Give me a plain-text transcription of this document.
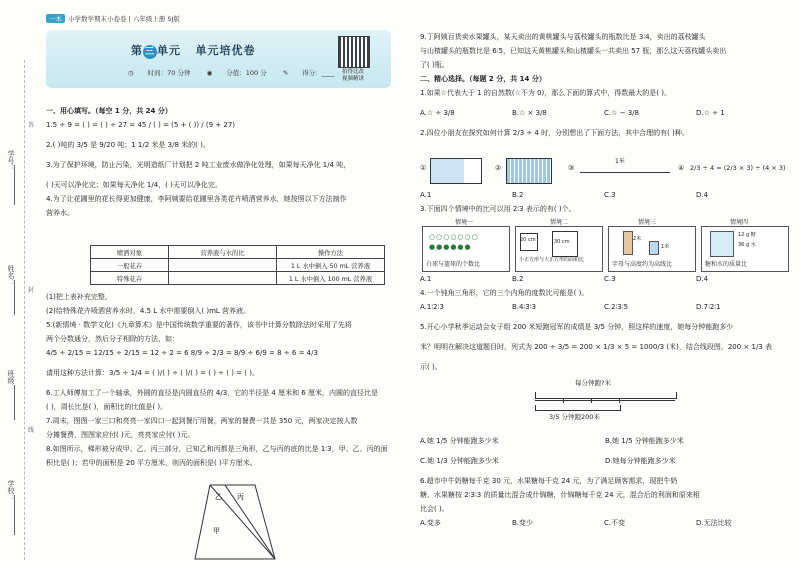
学号：
姓名：
班级：
学校：
答
封
线
一本 小学数学期末小卷卷 | 六年级上册 SJ版
第 三 单元 单元培优卷
◷ 时间：70 分钟 ◉ 分值：100 分 ✎ 得分：____	拍得比改
视频精讲

一、用心填写。（每空 1 分，共 24 分）

1.5 ÷ 9 = ( ) = ( ) ÷ 27 = 45 / ( ) = (5 + ( )) / (9 + 27)

2.( )吨的 3/5 是 9/20 吨；1 1/2 米是 3/8 米的( )。

3.为了保护环境，防止污染，光明造纸厂计划把 2 吨工业废水做净化处理，如果每天净化 1/4 吨，

( )天可以净化完；如果每天净化 1/4，( )天可以净化完。

4.为了让花圃里的花长得更加健康，李阿姨要给花圃里各类花卉喷洒营养水，她按照以下方法制作

营养水。

喷洒对象	营养液与水的比	操作方法
一般花卉		1 L 水中倒入 50 mL 营养液
特殊花卉		1 L 水中倒入 100 mL 营养液

(1)把上表补充完整。

(2)给特殊花卉喷洒营养水时，4.5 L 水中需要倒入( )mL 营养液。

5.(新情境 · 数学文化)《九章算术》是中国传统数学重要的著作，该书中计算分数除法时采用了先将

两个分数通分，然后分子相除的方法，如：

4/5 ÷ 2/15 = 12/15 ÷ 2/15 = 12 ÷ 2 = 6 8/9 ÷ 2/3 = 8/9 ÷ 6/9 = 8 ÷ 6 = 4/3

请用这种方法计算：3/5 ÷ 1/4 = ( )/( ) ÷ ( )/( ) = ( ) ÷ ( ) = ( )。

6.工人师傅加工了一个轴承，外圆的直径是内圆直径的 4/3，它的半径是 4 厘米和 6 厘米，内圆的直径比是

( )，周长比是( )，面积比的比值是( )。

7.周末，图图一家三口和亮亮一家四口一起到餐厅用餐，两家的餐费一共是 350 元，两家决定按人数

分摊餐费，图图家应付( )元，亮亮家应付( )元。

8.如图所示，梯形被分成甲、乙、丙三部分，已知乙和丙都是三角形，乙与丙的底的比是 1∶3，甲、乙、丙的面

积比是( )；若甲的面积是 20 平方厘米，则丙的面积是( )平方厘米。

乙 丙
甲

9.丁阿姨百货卖水果罐头，某天卖出的黄桃罐头与荔枝罐头的瓶数比是 3∶4，卖出的荔枝罐头

与山楂罐头的瓶数比是 6∶5，已知这天黄桃罐头和山楂罐头一共卖出 57 瓶，那么这天荔枝罐头卖出

了( )瓶。

二、精心选择。（每题 2 分，共 14 分）

1.如果☆代表大于 1 的自然数(☆不为 0)，那么下面的算式中，得数最大的是( )。

A.☆ ÷ 3/8	B.☆ × 3/8	C.☆ − 3/8	D.☆ ÷ 1

2.四位小朋友在探究如何计算 2/3 ÷ 4 时，分别想出了下面方法，其中合理的有( )种。

①	②	③
1米
④ 2/3 ÷ 4 = (2/3 × 3) ÷ (4 × 3)

A.1	B.2	C.3	D.4

3.下面四个情境中的比可以用 2∶3 表示的有( )个。

情境一	情境二	情境三	情境四
○○○○○○○
●●●●●●
白球与篮球的个数比
20 cm	30 cm
小正方形与大正方形的面积比
2米
1米
字母与高度约为高线比
12 g 糖
36 g 水
糖和水的质量比

A.1	B.2	C.3	D.4

4.一个钝角三角形，它的三个内角的度数比可能是( )。

A.1∶2∶3	B.4∶3∶3	C.2∶3∶5	D.7∶2∶1

5.开心小学秋季运动会女子组 200 米短跑冠军的成绩是 3/5 分钟，照这样的速度，她每分钟能跑多少

米？明明在解决这道题目时，列式为 200 ÷ 3/5 = 200 × 1/3 × 5 = 1000/3 (米)，结合线段图，200 × 1/3 表

示( )。

每分钟跑?米
3/5 分钟跑200米

A.她 1/5 分钟能跑多少米	B.她 1/5 分钟能跑多少米

C.她 1/3 分钟能跑多少米	D.她每分钟能跑多少米

6.超市中牛奶糖每千克 30 元，水果糖每千克 24 元，为了满足顾客需求，现把牛奶

糖、水果糖按 2∶3∶3 的质量比混合成什锦糖，什锦糖每千克 24 元，混合后的利润和原来相

比会( )。

A.变多	B.变少	C.不变	D.无法比较
